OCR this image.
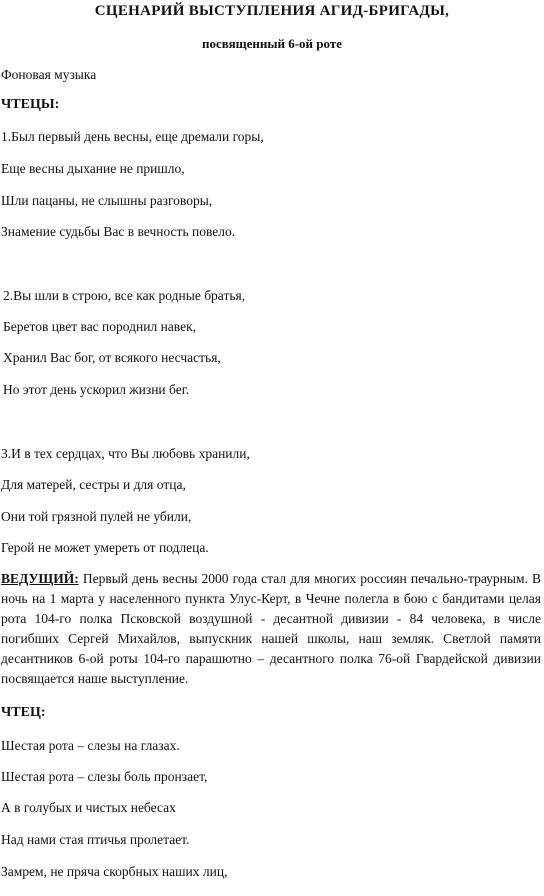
СЦЕНАРИЙ ВЫСТУПЛЕНИЯ АГИД-БРИГАДЫ,
посвященный 6-ой роте
Фоновая музыка
ЧТЕЦЫ:
1.Был первый день весны, еще дремали горы,
Еще весны дыхание не пришло,
Шли пацаны, не слышны разговоры,
Знамение судьбы Вас в вечность повело.
2.Вы шли в строю, все как родные братья,
Беретов цвет вас породнил навек,
Хранил Вас бог, от всякого несчастья,
Но этот день ускорил жизни бег.
3.И в тех сердцах, что Вы любовь хранили,
Для матерей, сестры и для отца,
Они той грязной пулей не убили,
Герой не может умереть от подлеца.
ВЕДУЩИЙ: Первый день весны 2000 года стал для многих россиян печально-траурным. В ночь на 1 марта у населенного пункта Улус-Керт, в Чечне полегла в бою с бандитами целая рота 104-го полка Псковской воздушной - десантной дивизии - 84 человека, в числе погибших Сергей Михайлов, выпускник нашей школы, наш земляк. Светлой памяти десантников 6-ой роты 104-го парашютно – десантного полка 76-ой Гвардейской дивизии посвящается наше выступление.
ЧТЕЦ:
Шестая рота – слезы на глазах.
Шестая рота – слезы боль пронзает,
А в голубых и чистых небесах
Над нами стая птичья пролетает.
Замрем, не пряча скорбных наших лиц,
